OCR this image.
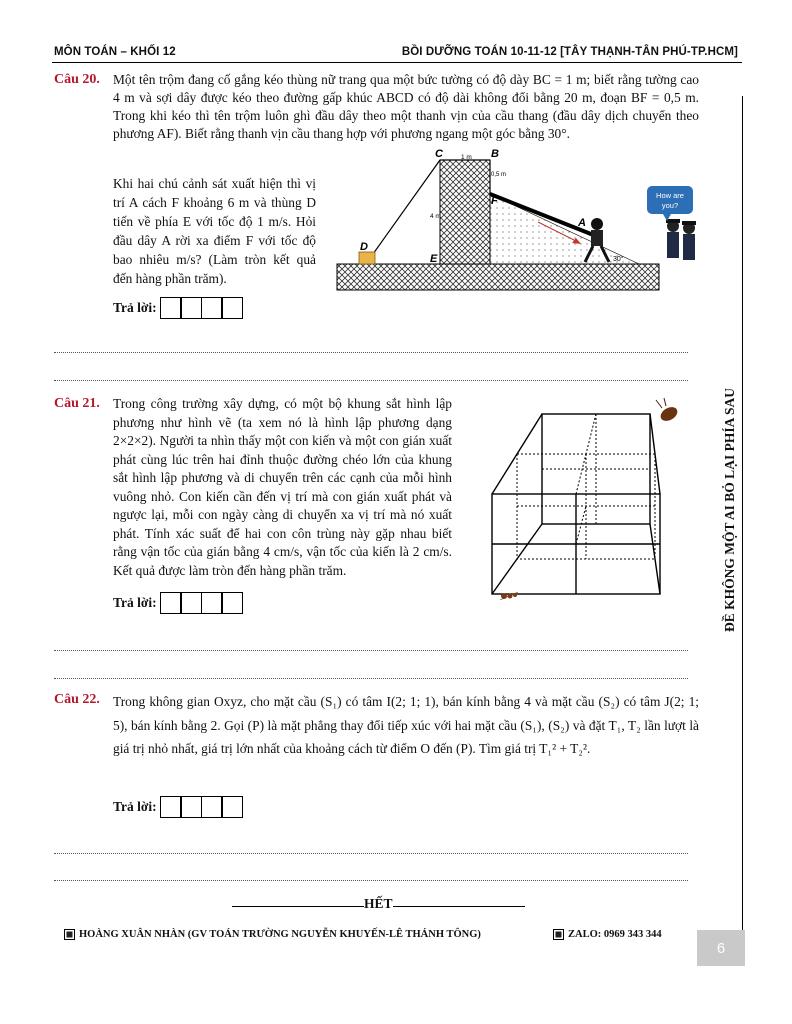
MÔN TOÁN – KHỐI 12	BỒI DƯỠNG TOÁN 10-11-12 [TÂY THẠNH-TÂN PHÚ-TP.HCM]
ĐỀ KHÔNG MỘT AI BỎ LẠI PHÍA SAU
Câu 20. Một tên trộm đang cố gắng kéo thùng nữ trang qua một bức tường có độ dày BC = 1 m; biết rằng tường cao 4 m và sợi dây được kéo theo đường gấp khúc ABCD có độ dài không đổi bằng 20 m, đoạn BF = 0,5 m. Trong khi kéo thì tên trộm luôn ghì đầu dây theo một thanh vịn của cầu thang (đầu dây dịch chuyển theo phương AF). Biết rằng thanh vịn cầu thang hợp với phương ngang một góc bằng 30°.
Khi hai chú cảnh sát xuất hiện thì vị trí A cách F khoảng 6 m và thùng D tiến về phía E với tốc độ 1 m/s. Hỏi đầu dây A rời xa điểm F với tốc độ bao nhiêu m/s? (Làm tròn kết quả đến hàng phần trăm).
How are
you?
C	B
1 m
0,5 m
F
4 m
A
D
E	30°
Trả lời:
Câu 21. Trong công trường xây dựng, có một bộ khung sắt hình lập phương như hình vẽ (ta xem nó là hình lập phương dạng 2×2×2). Người ta nhìn thấy một con kiến và một con gián xuất phát cùng lúc trên hai đỉnh thuộc đường chéo lớn của khung sắt hình lập phương và di chuyển trên các cạnh của mỗi hình vuông nhỏ. Con kiến cần đến vị trí mà con gián xuất phát và ngược lại, mỗi con ngày càng di chuyển xa vị trí mà nó xuất phát. Tính xác suất để hai con côn trùng này gặp nhau biết rằng vận tốc của gián bằng 4 cm/s, vận tốc của kiến là 2 cm/s. Kết quả được làm tròn đến hàng phần trăm.
Trả lời:
Câu 22. Trong không gian Oxyz, cho mặt cầu (S₁) có tâm I(2; 1; 1), bán kính bằng 4 và mặt cầu (S₂) có tâm J(2; 1; 5), bán kính bằng 2. Gọi (P) là mặt phẳng thay đổi tiếp xúc với hai mặt cầu (S₁), (S₂) và đặt T₁, T₂ lần lượt là giá trị nhỏ nhất, giá trị lớn nhất của khoảng cách từ điểm O đến (P). Tìm giá trị T₁² + T₂².
Trả lời:
HẾT
HOÀNG XUÂN NHÀN (GV TOÁN TRƯỜNG NGUYỄN KHUYẾN-LÊ THÁNH TÔNG)	ZALO: 0969 343 344
6
